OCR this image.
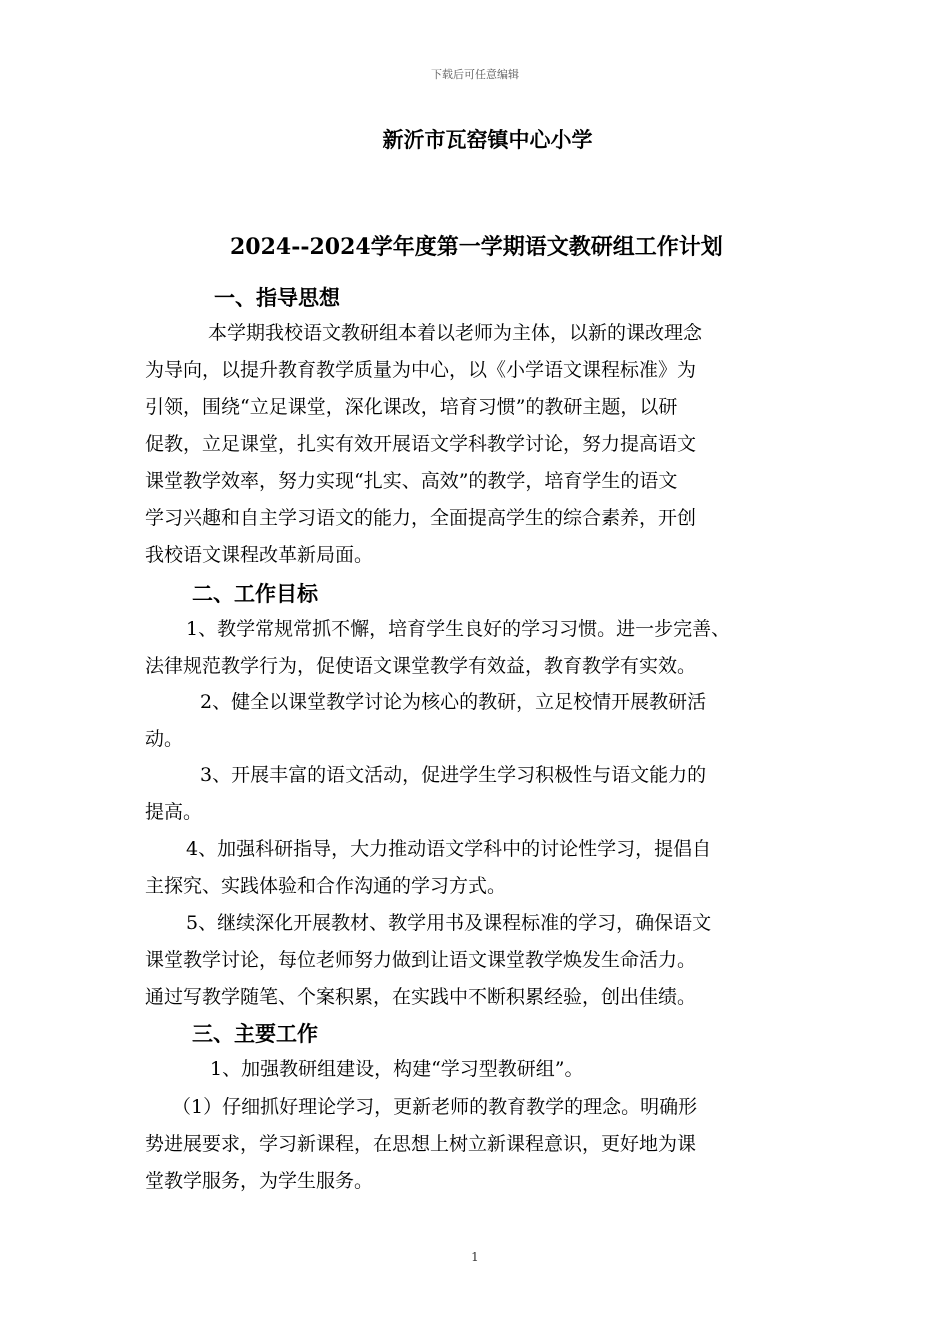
下载后可任意编辑
新沂市瓦窑镇中心小学
2024--2024学年度第一学期语文教研组工作计划
一、指导思想
本学期我校语文教研组本着以老师为主体，以新的课改理念
为导向，以提升教育教学质量为中心，以《小学语文课程标准》为
引领，围绕“立足课堂，深化课改，培育习惯”的教研主题，以研
促教，立足课堂，扎实有效开展语文学科教学讨论，努力提高语文
课堂教学效率，努力实现“扎实、高效”的教学，培育学生的语文
学习兴趣和自主学习语文的能力，全面提高学生的综合素养，开创
我校语文课程改革新局面。
二、工作目标
1、教学常规常抓不懈，培育学生良好的学习习惯。进一步完善、
法律规范教学行为，促使语文课堂教学有效益，教育教学有实效。
2、健全以课堂教学讨论为核心的教研，立足校情开展教研活
动。
3、开展丰富的语文活动，促进学生学习积极性与语文能力的
提高。
4、加强科研指导，大力推动语文学科中的讨论性学习，提倡自
主探究、实践体验和合作沟通的学习方式。
5、继续深化开展教材、教学用书及课程标准的学习，确保语文
课堂教学讨论，每位老师努力做到让语文课堂教学焕发生命活力。
通过写教学随笔、个案积累，在实践中不断积累经验，创出佳绩。
三、主要工作
1、加强教研组建设，构建“学习型教研组”。
（1）仔细抓好理论学习，更新老师的教育教学的理念。明确形
势进展要求，学习新课程，在思想上树立新课程意识，更好地为课
堂教学服务，为学生服务。
1
